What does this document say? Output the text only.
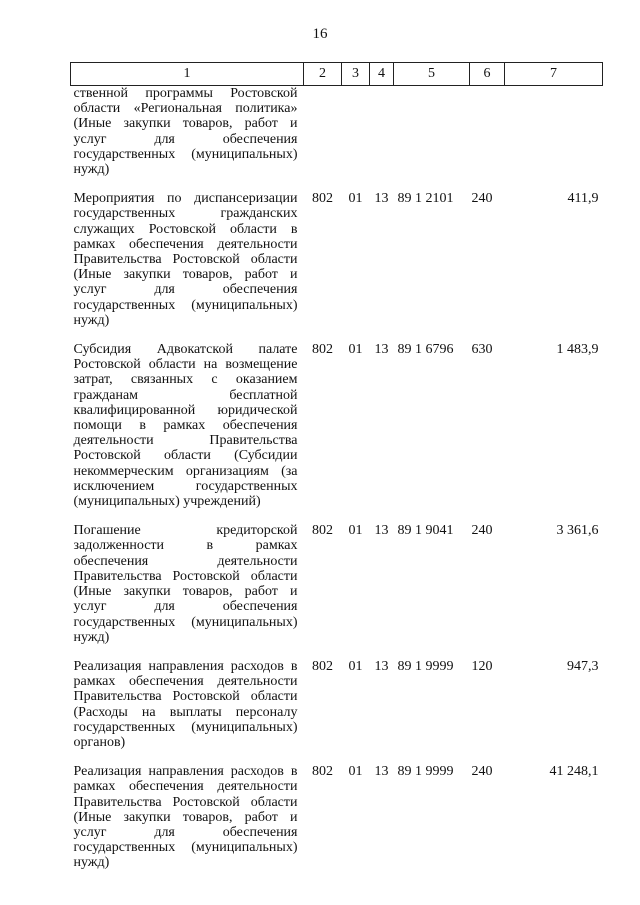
16
1	2	3	4	5	6	7
ственной программы Ростовской области «Региональная политика» (Иные закупки товаров, работ и услуг для обеспечения государственных (муниципальных) нужд)						
Мероприятия по диспансеризации государственных гражданских служащих Ростовской области в рамках обеспечения деятельности Правительства Ростовской области (Иные закупки товаров, работ и услуг для обеспечения государственных (муниципальных) нужд)	802	01	13	89 1 2101	240	411,9
Субсидия Адвокатской палате Ростовской области на возмещение затрат, связанных с оказанием гражданам бесплатной квалифицированной юридической помощи в рамках обеспечения деятельности Правительства Ростовской области (Субсидии некоммерческим организациям (за исключением государственных (муниципальных) учреждений)	802	01	13	89 1 6796	630	1 483,9
Погашение кредиторской задолженности в рамках обеспечения деятельности Правительства Ростовской области (Иные закупки товаров, работ и услуг для обеспечения государственных (муниципальных) нужд)	802	01	13	89 1 9041	240	3 361,6
Реализация направления расходов в рамках обеспечения деятельности Правительства Ростовской области (Расходы на выплаты персоналу государственных (муниципальных) органов)	802	01	13	89 1 9999	120	947,3
Реализация направления расходов в рамках обеспечения деятельности Правительства Ростовской области (Иные закупки товаров, работ и услуг для обеспечения государственных (муниципальных) нужд)	802	01	13	89 1 9999	240	41 248,1
